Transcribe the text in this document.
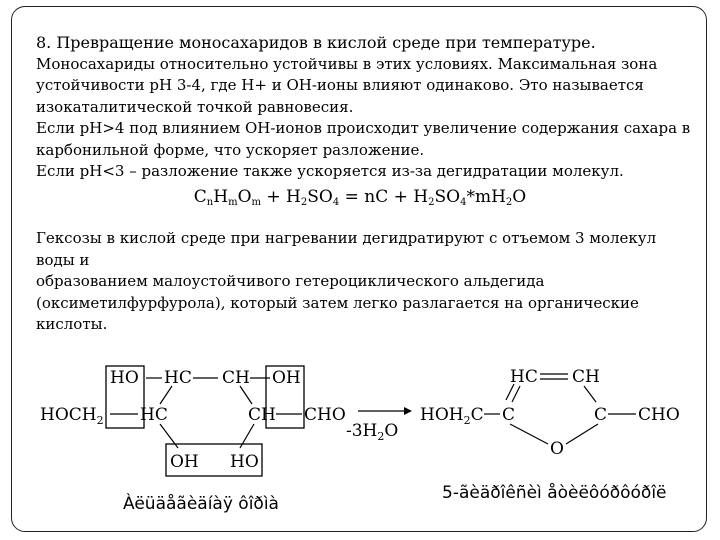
8. Превращение моносахаридов в кислой среде при температуре.

Моносахариды относительно устойчивы в этих условиях. Максимальная зона

устойчивости рН 3-4, где Н+ и ОН-ионы влияют одинаково. Это называется

изокаталитической точкой равновесия.

Если рН>4 под влиянием ОН-ионов происходит увеличение содержания сахара в

карбонильной форме, что ускоряет разложение.

Если рН<3 – разложение также ускоряется из-за дегидратации молекул.

$C_nH_mO_m + H_2SO_4$ = nC + $H_2SO_4*mH_2O$

Гексозы в кислой среде при нагревании дегидратируют с отъемом 3 молекул воды и

образованием малоустойчивого гетероциклического альдегида

(оксиметилфурфурола), который затем легко разлагается на органические кислоты.

HO HC CH OH
$HOCH_2$ HC	CH CHO
OH HO
$-3H_2O$
HC CH
$HOH_2C$ C	C CHO
O
Àëüäåãèäíàÿ ôîðìà
5-ãèäðîêñèì åòèëôóðôóðîë
